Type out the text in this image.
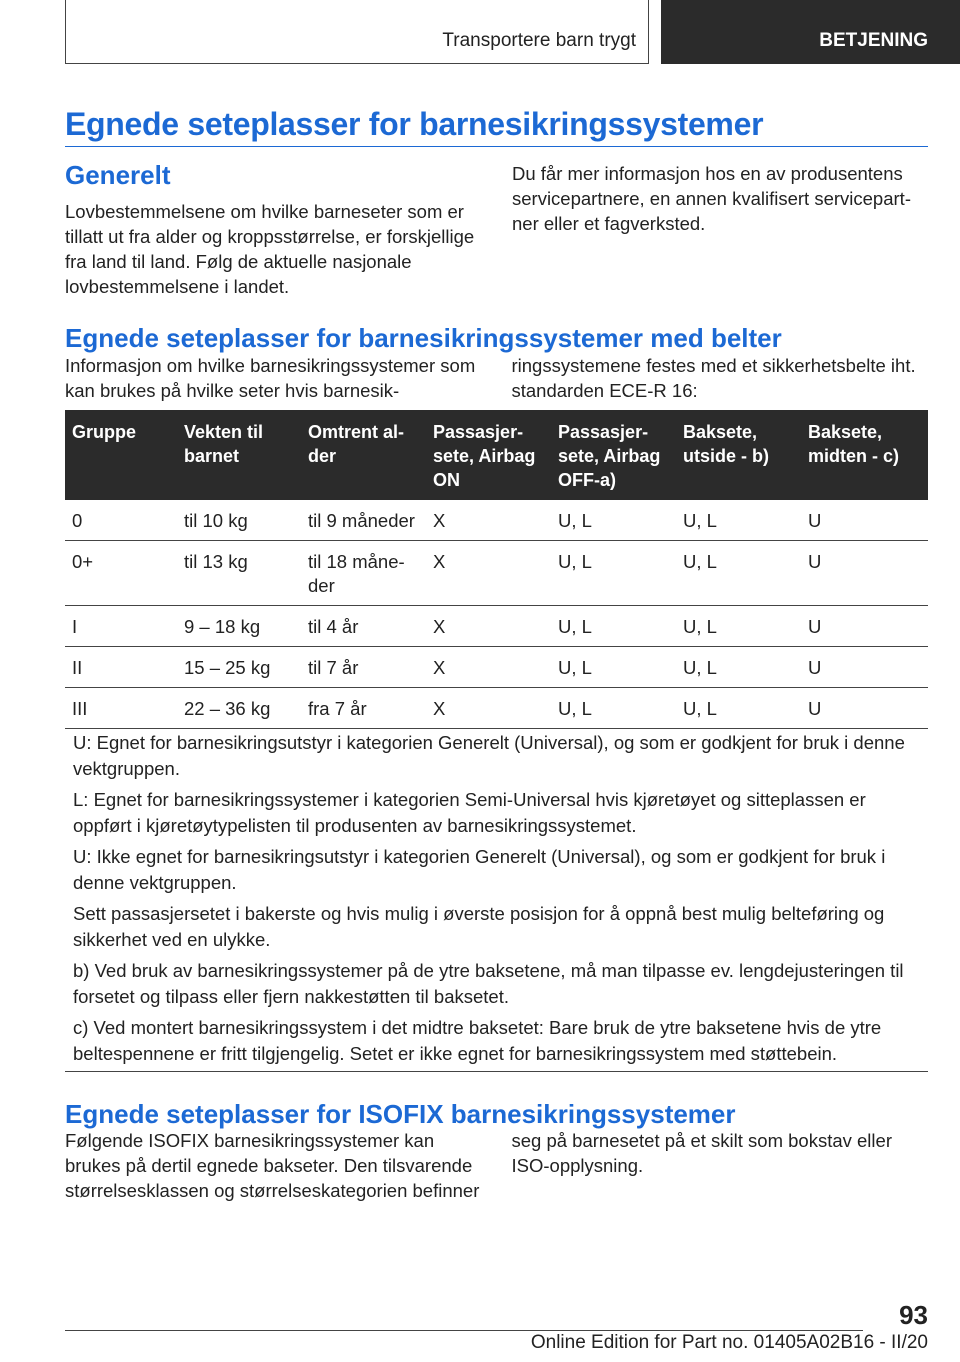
Transportere barn trygt	BETJENING
Egnede seteplasser for barnesikringssystemer
Generelt

Lovbestemmelsene om hvilke barneseter som er tillatt ut fra alder og kroppsstørrelse, er forskjellige fra land til land. Følg de aktuelle nasjonale lovbestemmelsene i landet.

Du får mer informasjon hos en av produsentens servicepartnere, en annen kvalifisert servicepartner eller et fagverksted.

Egnede seteplasser for barnesikringssystemer med belter
Informasjon om hvilke barnesikringssystemer som kan brukes på hvilke seter hvis barnesikringssystemene festes med et sikkerhetsbelte iht. standarden ECE-R 16:
Gruppe	Vekten til barnet	Omtrent alder	Passasjersete, Airbag ON	Passasjersete, Airbag OFF-a)	Baksete, utside - b)	Baksete, midten - c)
0	til 10 kg	til 9 måneder	X	U, L	U, L	U
0+	til 13 kg	til 18 måneder	X	U, L	U, L	U
I	9 – 18 kg	til 4 år	X	U, L	U, L	U
II	15 – 25 kg	til 7 år	X	U, L	U, L	U
III	22 – 36 kg	fra 7 år	X	U, L	U, L	U

U: Egnet for barnesikringsutstyr i kategorien Generelt (Universal), og som er godkjent for bruk i denne vektgruppen.

L: Egnet for barnesikringssystemer i kategorien Semi-Universal hvis kjøretøyet og sitteplassen er oppført i kjøretøytypelisten til produsenten av barnesikringssystemet.

U: Ikke egnet for barnesikringsutstyr i kategorien Generelt (Universal), og som er godkjent for bruk i denne vektgruppen.

Sett passasjersetet i bakerste og hvis mulig i øverste posisjon for å oppnå best mulig belteføring og sikkerhet ved en ulykke.

b) Ved bruk av barnesikringssystemer på de ytre baksetene, må man tilpasse ev. lengdejusteringen til forsetet og tilpass eller fjern nakkestøtten til baksetet.

c) Ved montert barnesikringssystem i det midtre baksetet: Bare bruk de ytre baksetene hvis de ytre beltespennene er fritt tilgjengelig. Setet er ikke egnet for barnesikringssystem med støttebein.

Egnede seteplasser for ISOFIX barnesikringssystemer
Følgende ISOFIX barnesikringssystemer kan brukes på dertil egnede bakseter. Den tilsvarende størrelsesklassen og størrelseskategorien befinner seg på barnesetet på et skilt som bokstav eller ISO-opplysning.
93
Online Edition for Part no. 01405A02B16 - II/20
